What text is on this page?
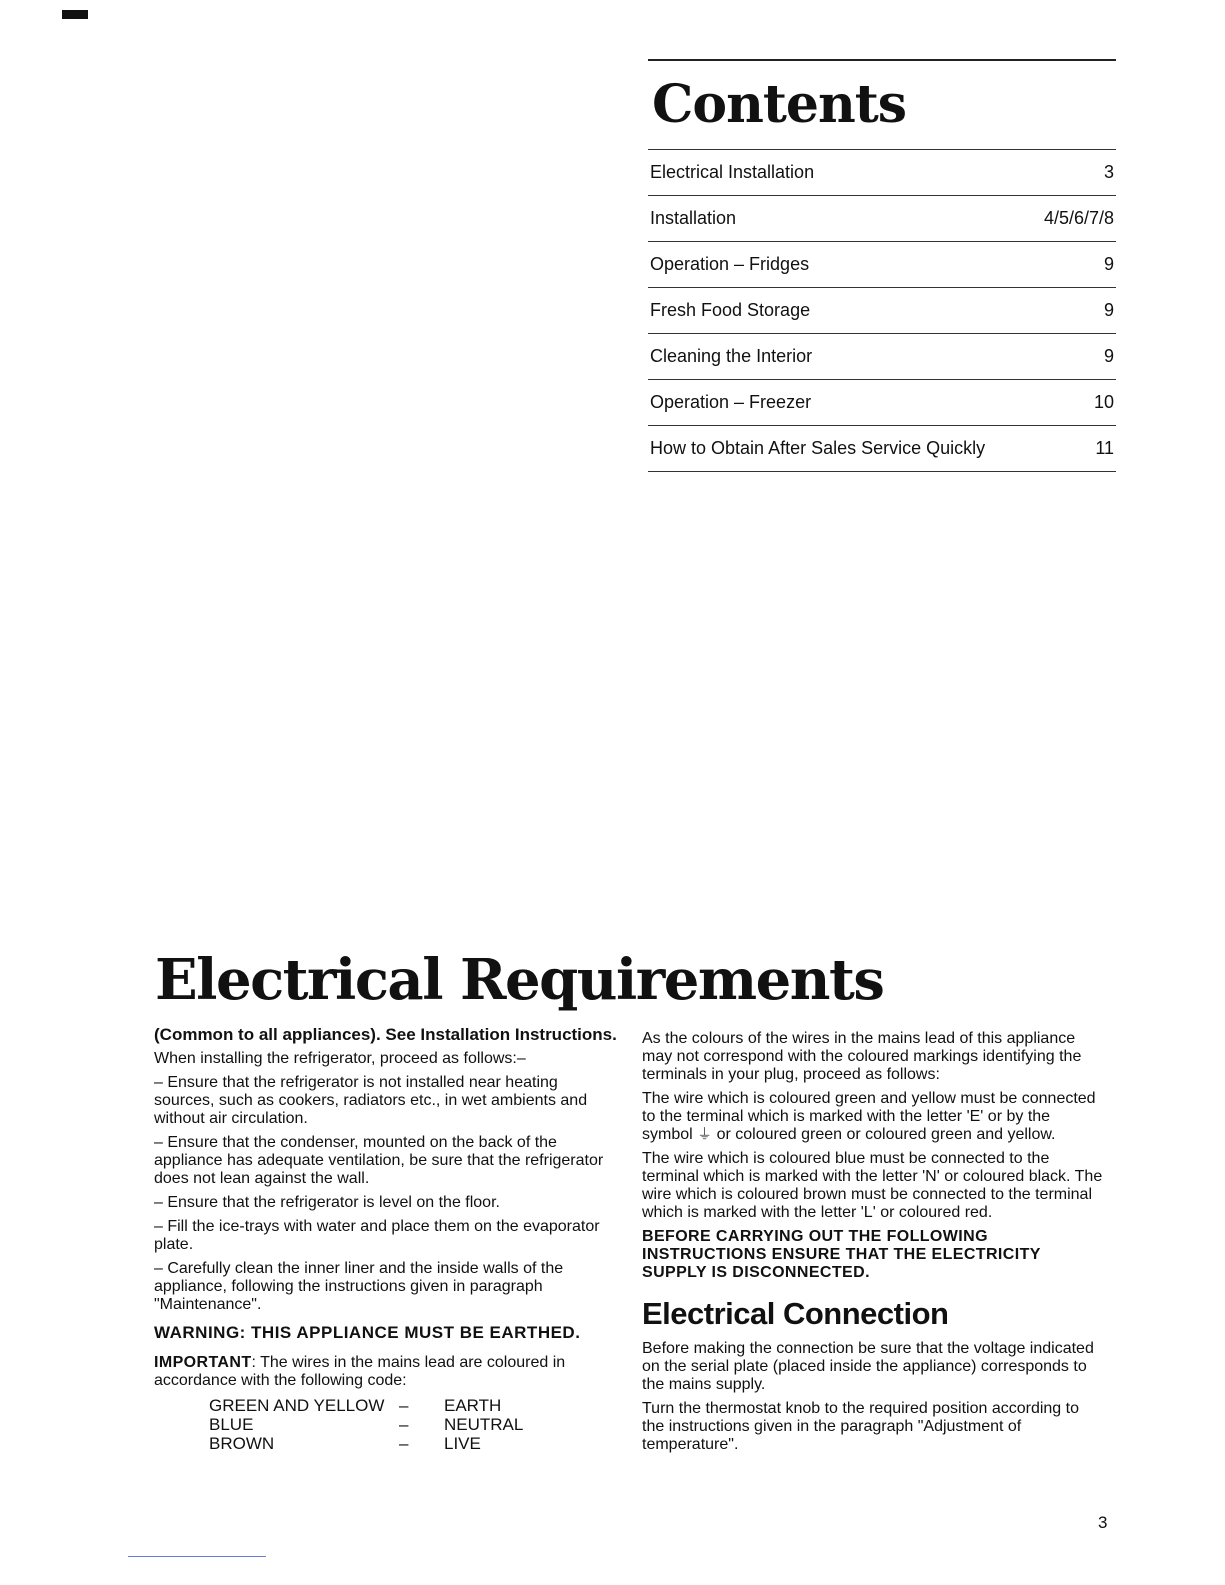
Contents
Electrical Installation	3
Installation	4/5/6/7/8
Operation – Fridges	9
Fresh Food Storage	9
Cleaning the Interior	9
Operation – Freezer	10
How to Obtain After Sales Service Quickly	11
Electrical Requirements

(Common to all appliances). See Installation Instructions.

When installing the refrigerator, proceed as follows:–

– Ensure that the refrigerator is not installed near heating sources, such as cookers, radiators etc., in wet ambients and without air circulation.

– Ensure that the condenser, mounted on the back of the appliance has adequate ventilation, be sure that the refrigerator does not lean against the wall.

– Ensure that the refrigerator is level on the floor.

– Fill the ice-trays with water and place them on the evaporator plate.

– Carefully clean the inner liner and the inside walls of the appliance, following the instructions given in paragraph "Maintenance".

WARNING: THIS APPLIANCE MUST BE EARTHED.

IMPORTANT: The wires in the mains lead are coloured in accordance with the following code:

GREEN AND YELLOW –	EARTH
BLUE	–	NEUTRAL
BROWN	–	LIVE

As the colours of the wires in the mains lead of this appliance may not correspond with the coloured markings identifying the terminals in your plug, proceed as follows:

The wire which is coloured green and yellow must be connected to the terminal which is marked with the letter 'E' or by the symbol ⏚ or coloured green or coloured green and yellow.

The wire which is coloured blue must be connected to the terminal which is marked with the letter 'N' or coloured black. The wire which is coloured brown must be connected to the terminal which is marked with the letter 'L' or coloured red.

BEFORE CARRYING OUT THE FOLLOWING INSTRUCTIONS ENSURE THAT THE ELECTRICITY SUPPLY IS DISCONNECTED.

Electrical Connection

Before making the connection be sure that the voltage indicated on the serial plate (placed inside the appliance) corresponds to the mains supply.

Turn the thermostat knob to the required position according to the instructions given in the paragraph "Adjustment of temperature".

3
